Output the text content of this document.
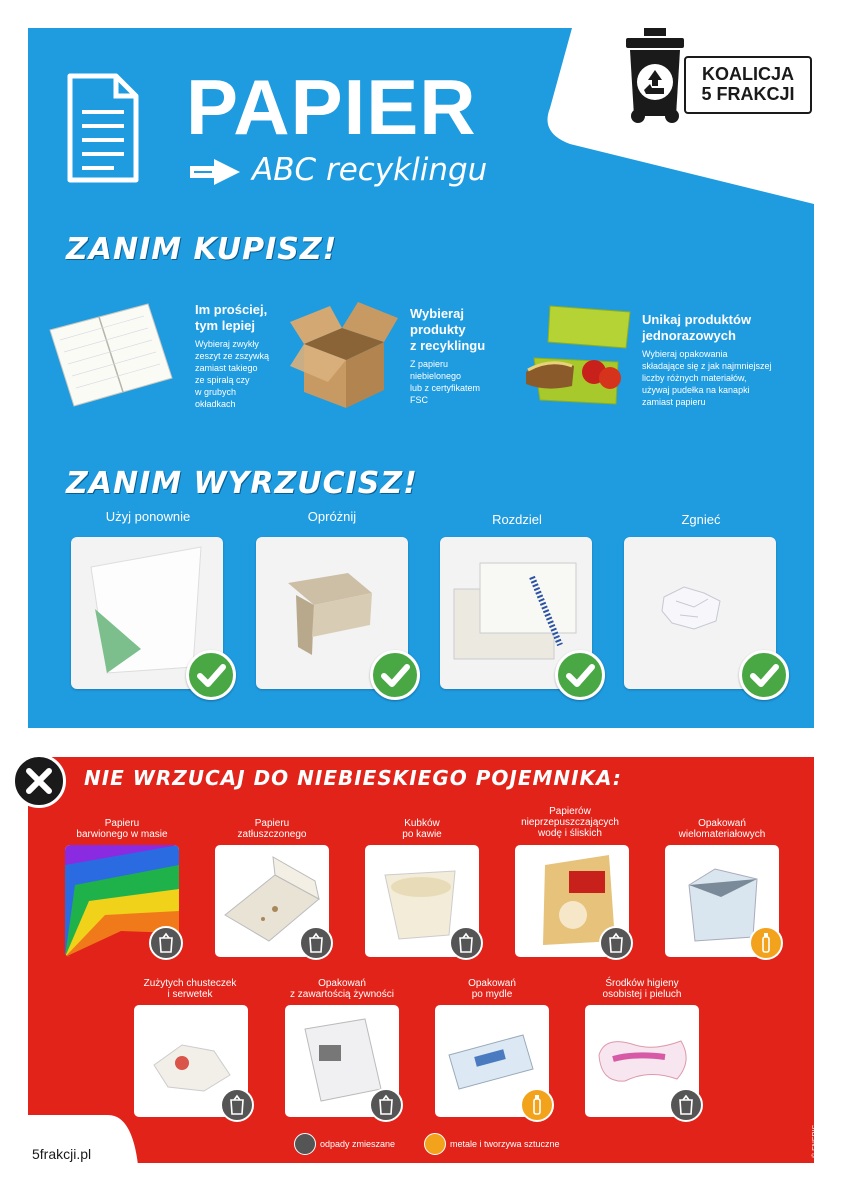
PAPIER
ABC recyklingu
KOALICJA
5 FRAKCJI
ZANIM KUPISZ!
Im prościej,
tym lepiej
Wybieraj zwykły
zeszyt ze zszywką
zamiast takiego
ze spiralą czy
w grubych
okładkach
Wybieraj
produkty
z recyklingu
Z papieru
niebielonego
lub z certyfikatem
FSC
Unikaj produktów
jednorazowych
Wybieraj opakowania
składające się z jak najmniejszej
liczby różnych materiałów,
używaj pudełka na kanapki
zamiast papieru
ZANIM WYRZUCISZ!
Użyj ponownie	Opróżnij	Rozdziel	Zgnieć
NIE WRZUCAJ DO NIEBIESKIEGO POJEMNIKA:
Papieru
barwionego w masie
Papieru
zatłuszczonego
Kubków
po kawie
Papierów
nieprzepuszczających
wodę i śliskich
Opakowań
wielomateriałowych
Zużytych chusteczek
i serwetek
Opakowań
z zawartością żywności
Opakowań
po mydle
Środków higieny
osobistej i pieluch
odpady zmieszane	metale i tworzywa sztuczne
5frakcji.pl	© ENERIS
